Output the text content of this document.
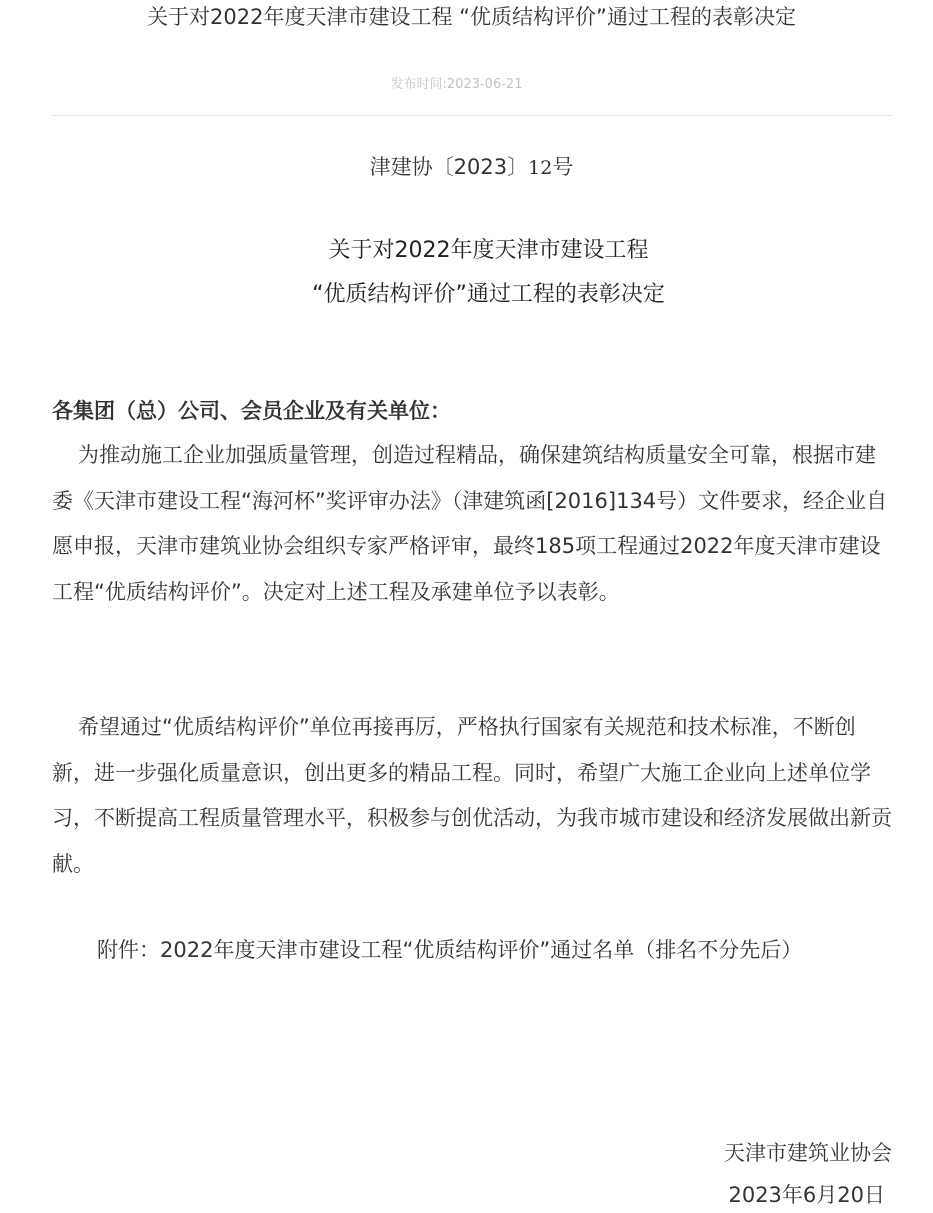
关于对2022年度天津市建设工程 “优质结构评价”通过工程的表彰决定
发布时间:2023-06-21
津建协〔2023〕12号
关于对2022年度天津市建设工程
“优质结构评价”通过工程的表彰决定
各集团（总）公司、会员企业及有关单位：
为推动施工企业加强质量管理，创造过程精品，确保建筑结构质量安全可靠，根据市建委《天津市建设工程“海河杯”奖评审办法》（津建筑函[2016]134号）文件要求，经企业自愿申报，天津市建筑业协会组织专家严格评审，最终185项工程通过2022年度天津市建设工程“优质结构评价”。决定对上述工程及承建单位予以表彰。
希望通过“优质结构评价”单位再接再厉，严格执行国家有关规范和技术标准，不断创新，进一步强化质量意识，创出更多的精品工程。同时，希望广大施工企业向上述单位学习，不断提高工程质量管理水平，积极参与创优活动，为我市城市建设和经济发展做出新贡献。
附件：2022年度天津市建设工程“优质结构评价”通过名单（排名不分先后）
天津市建筑业协会
2023年6月20日
